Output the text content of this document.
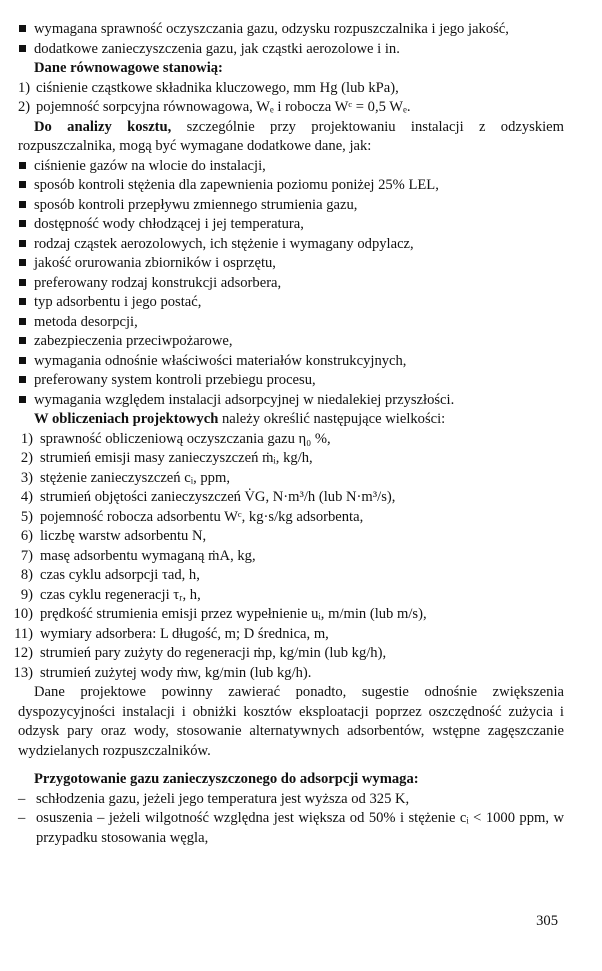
wymagana sprawność oczyszczania gazu, odzysku rozpuszczalnika i jego jakość,
dodatkowe zanieczyszczenia gazu, jak cząstki aerozolowe i in.
Dane równowagowe stanowią:
1) ciśnienie cząstkowe składnika kluczowego, mm Hg (lub kPa),
2) pojemność sorpcyjna równowagowa, Wₑ i robocza Wᶜ = 0,5 Wₑ.
Do analizy kosztu, szczególnie przy projektowaniu instalacji z odzyskiem rozpuszczalnika, mogą być wymagane dodatkowe dane, jak:
ciśnienie gazów na wlocie do instalacji,
sposób kontroli stężenia dla zapewnienia poziomu poniżej 25% LEL,
sposób kontroli przepływu zmiennego strumienia gazu,
dostępność wody chłodzącej i jej temperatura,
rodzaj cząstek aerozolowych, ich stężenie i wymagany odpylacz,
jakość orurowania zbiorników i osprzętu,
preferowany rodzaj konstrukcji adsorbera,
typ adsorbentu i jego postać,
metoda desorpcji,
zabezpieczenia przeciwpożarowe,
wymagania odnośnie właściwości materiałów konstrukcyjnych,
preferowany system kontroli przebiegu procesu,
wymagania względem instalacji adsorpcyjnej w niedalekiej przyszłości.
W obliczeniach projektowych należy określić następujące wielkości:
1) sprawność obliczeniową oczyszczania gazu η₀ %,
2) strumień emisji masy zanieczyszczeń ṁᵢ, kg/h,
3) stężenie zanieczyszczeń cᵢ, ppm,
4) strumień objętości zanieczyszczeń V̇G, N·m³/h (lub N·m³/s),
5) pojemność robocza adsorbentu Wᶜ, kg·s/kg adsorbenta,
6) liczbę warstw adsorbentu N,
7) masę adsorbentu wymaganą ṁA, kg,
8) czas cyklu adsorpcji τad, h,
9) czas cyklu regeneracji τᵣ, h,
10) prędkość strumienia emisji przez wypełnienie uᵢ, m/min (lub m/s),
11) wymiary adsorbera: L długość, m; D średnica, m,
12) strumień pary zużyty do regeneracji ṁp, kg/min (lub kg/h),
13) strumień zużytej wody ṁw, kg/min (lub kg/h).
Dane projektowe powinny zawierać ponadto, sugestie odnośnie zwiększenia dyspozycyjności instalacji i obniżki kosztów eksploatacji poprzez oszczędność zużycia i odzysk pary oraz wody, stosowanie alternatywnych adsorbentów, wstępne zagęszczanie wydzielanych rozpuszczalników.
Przygotowanie gazu zanieczyszczonego do adsorpcji wymaga:
– schłodzenia gazu, jeżeli jego temperatura jest wyższa od 325 K,
– osuszenia – jeżeli wilgotność względna jest większa od 50% i stężenie cᵢ < 1000 ppm, w przypadku stosowania węgla,
305
